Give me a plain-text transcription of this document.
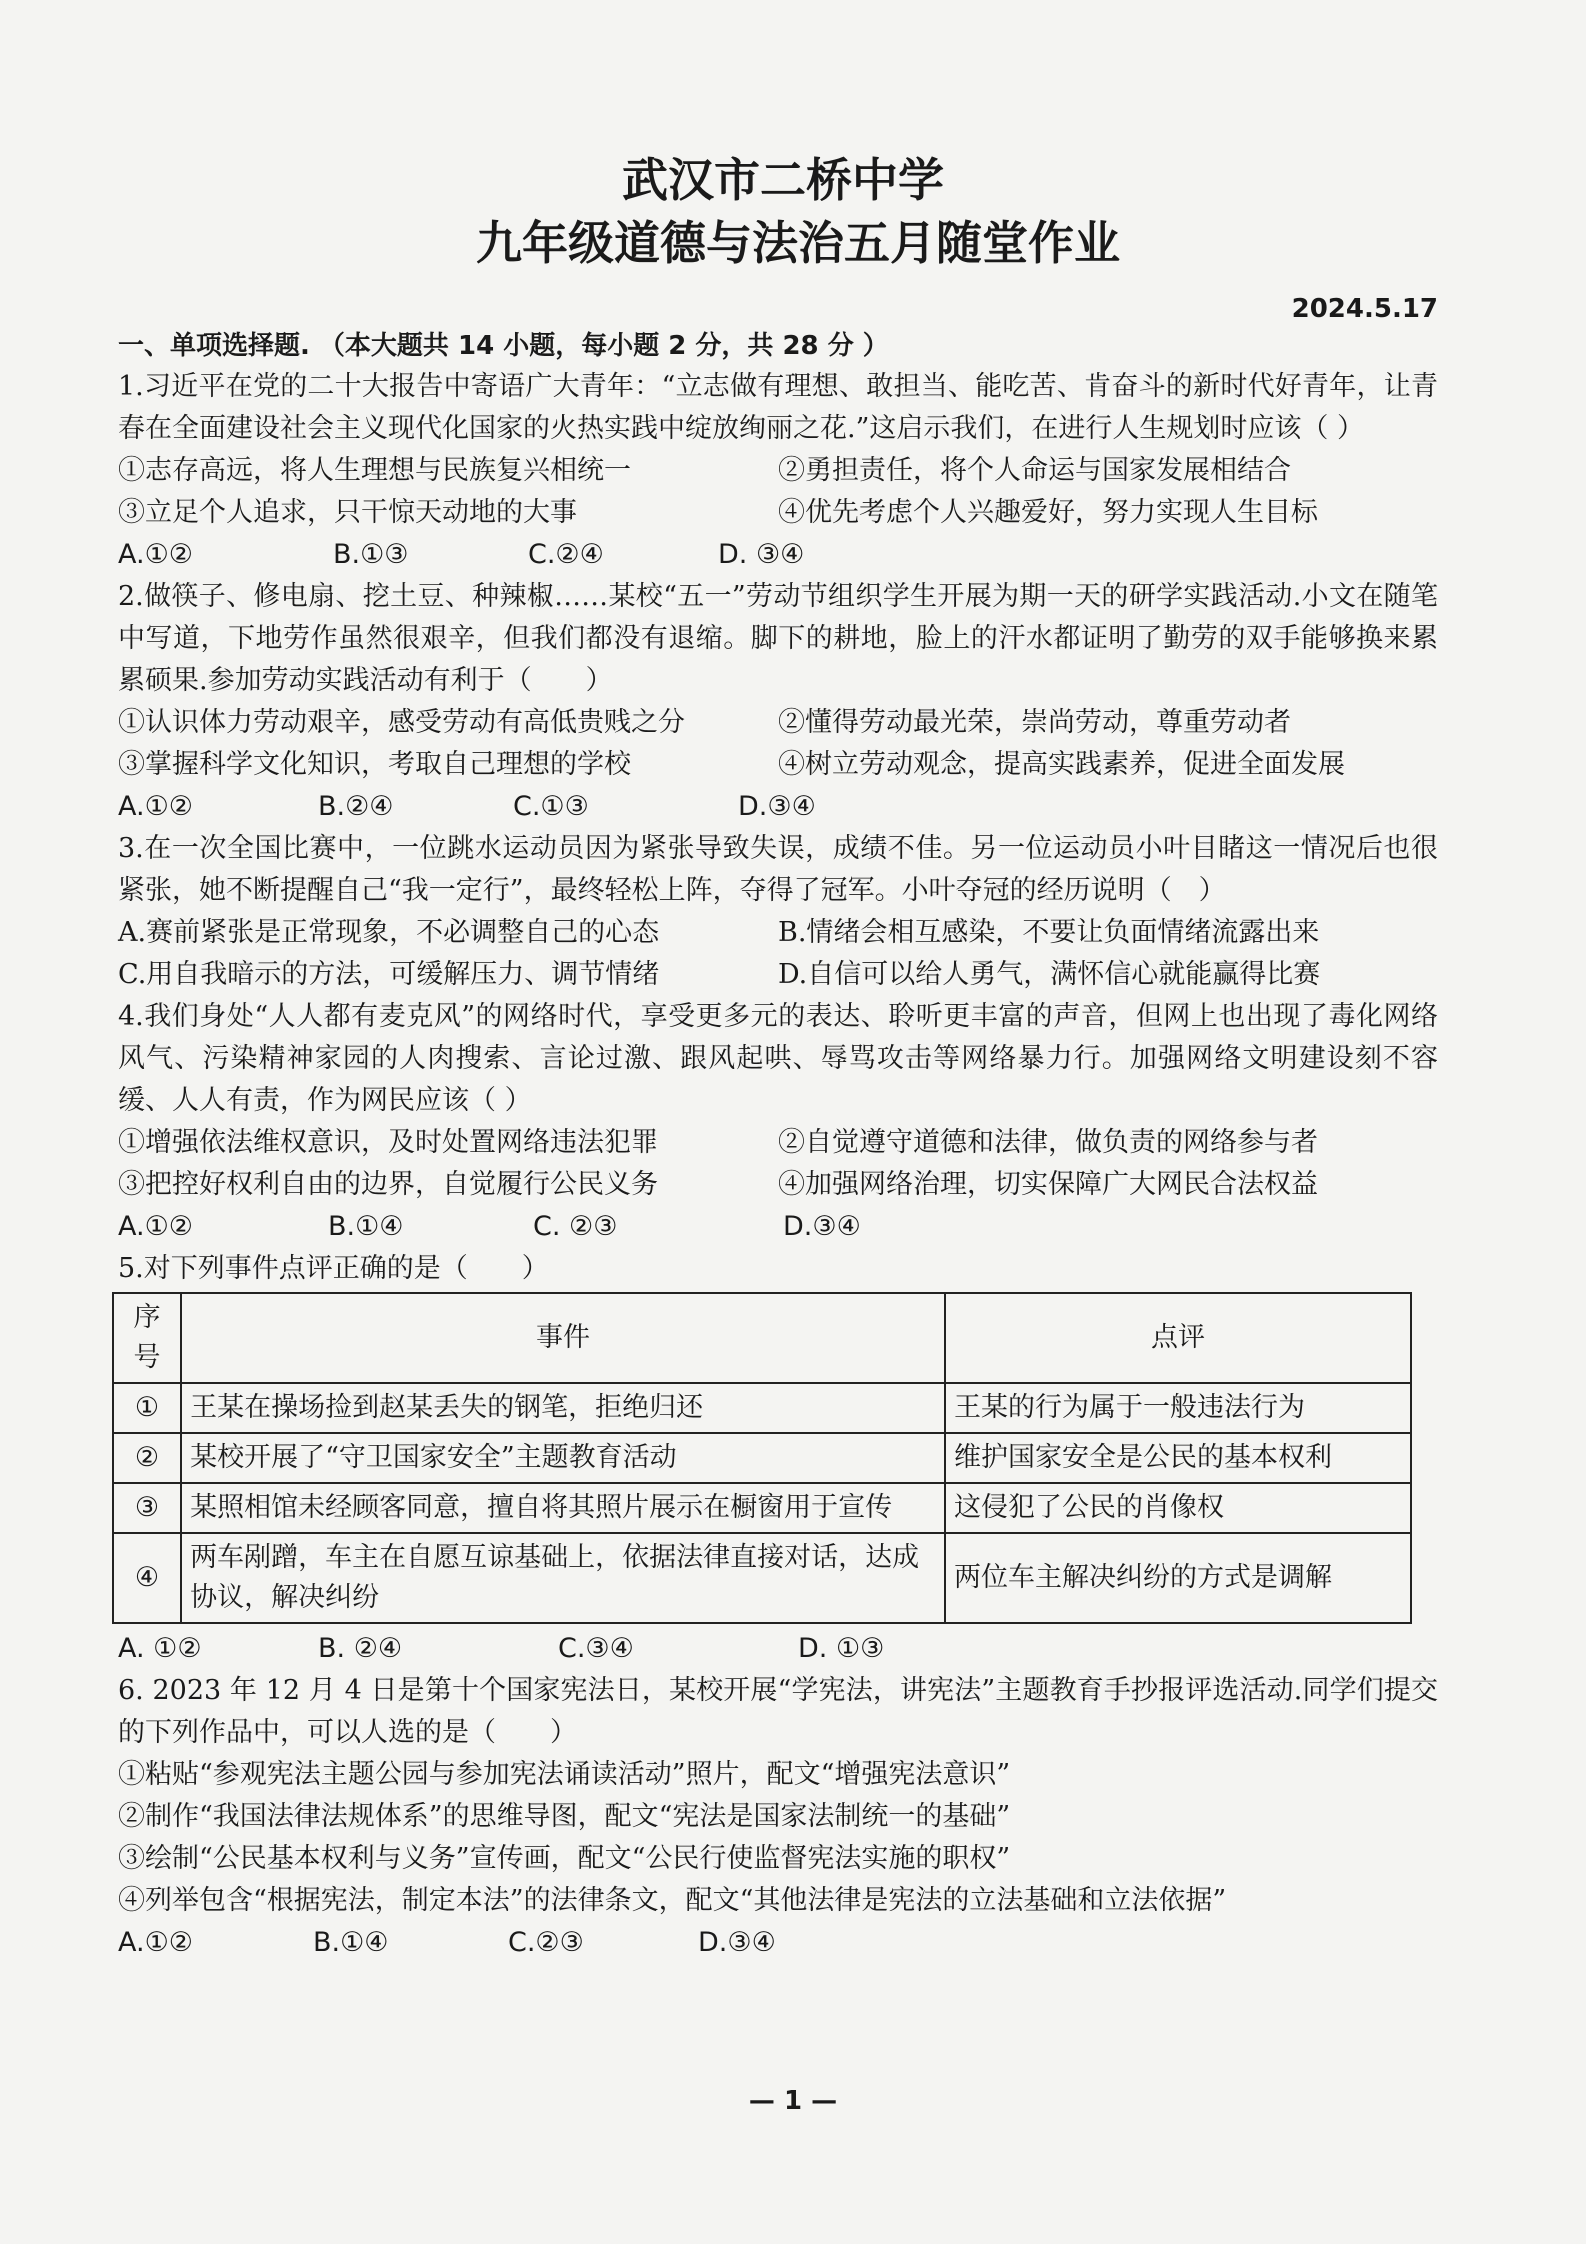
武汉市二桥中学
九年级道德与法治五月随堂作业
2024.5.17
一、单项选择题. （本大题共 14 小题，每小题 2 分，共 28 分 ）
1.习近平在党的二十大报告中寄语广大青年：“立志做有理想、敢担当、能吃苦、肯奋斗的新时代好青年，让青春在全面建设社会主义现代化国家的火热实践中绽放绚丽之花.”这启示我们，在进行人生规划时应该（ ）
①志存高远，将人生理想与民族复兴相统一	②勇担责任，将个人命运与国家发展相结合
③立足个人追求，只干惊天动地的大事	④优先考虑个人兴趣爱好，努力实现人生目标
A.①②	B.①③	C.②④	D. ③④
2.做筷子、修电扇、挖土豆、种辣椒……某校“五一”劳动节组织学生开展为期一天的研学实践活动.小文在随笔中写道，下地劳作虽然很艰辛，但我们都没有退缩。脚下的耕地，脸上的汗水都证明了勤劳的双手能够换来累累硕果.参加劳动实践活动有利于（　　）
①认识体力劳动艰辛，感受劳动有高低贵贱之分	②懂得劳动最光荣，崇尚劳动，尊重劳动者
③掌握科学文化知识，考取自己理想的学校	④树立劳动观念，提高实践素养，促进全面发展
A.①②	B.②④	C.①③	D.③④
3.在一次全国比赛中，一位跳水运动员因为紧张导致失误，成绩不佳。另一位运动员小叶目睹这一情况后也很紧张，她不断提醒自己“我一定行”，最终轻松上阵，夺得了冠军。小叶夺冠的经历说明（　）
A.赛前紧张是正常现象，不必调整自己的心态	B.情绪会相互感染，不要让负面情绪流露出来
C.用自我暗示的方法，可缓解压力、调节情绪	D.自信可以给人勇气，满怀信心就能赢得比赛
4.我们身处“人人都有麦克风”的网络时代，享受更多元的表达、聆听更丰富的声音，但网上也出现了毒化网络风气、污染精神家园的人肉搜索、言论过激、跟风起哄、辱骂攻击等网络暴力行。加强网络文明建设刻不容缓、人人有责，作为网民应该（ ）
①增强依法维权意识，及时处置网络违法犯罪	②自觉遵守道德和法律，做负责的网络参与者
③把控好权利自由的边界，自觉履行公民义务	④加强网络治理，切实保障广大网民合法权益
A.①②	B.①④	C. ②③	D.③④
5.对下列事件点评正确的是（　　）
序号	事件	点评
①	王某在操场捡到赵某丢失的钢笔，拒绝归还	王某的行为属于一般违法行为
②	某校开展了“守卫国家安全”主题教育活动	维护国家安全是公民的基本权利
③	某照相馆未经顾客同意，擅自将其照片展示在橱窗用于宣传	这侵犯了公民的肖像权
④	两车剐蹭，车主在自愿互谅基础上，依据法律直接对话，达成协议，解决纠纷	两位车主解决纠纷的方式是调解
A. ①②	B. ②④	C.③④	D. ①③
6. 2023 年 12 月 4 日是第十个国家宪法日，某校开展“学宪法，讲宪法”主题教育手抄报评选活动.同学们提交的下列作品中，可以人选的是（　　）
①粘贴“参观宪法主题公园与参加宪法诵读活动”照片，配文“增强宪法意识”
②制作“我国法律法规体系”的思维导图，配文“宪法是国家法制统一的基础”
③绘制“公民基本权利与义务”宣传画，配文“公民行使监督宪法实施的职权”
④列举包含“根据宪法，制定本法”的法律条文，配文“其他法律是宪法的立法基础和立法依据”
A.①②	B.①④	C.②③	D.③④
— 1 —
